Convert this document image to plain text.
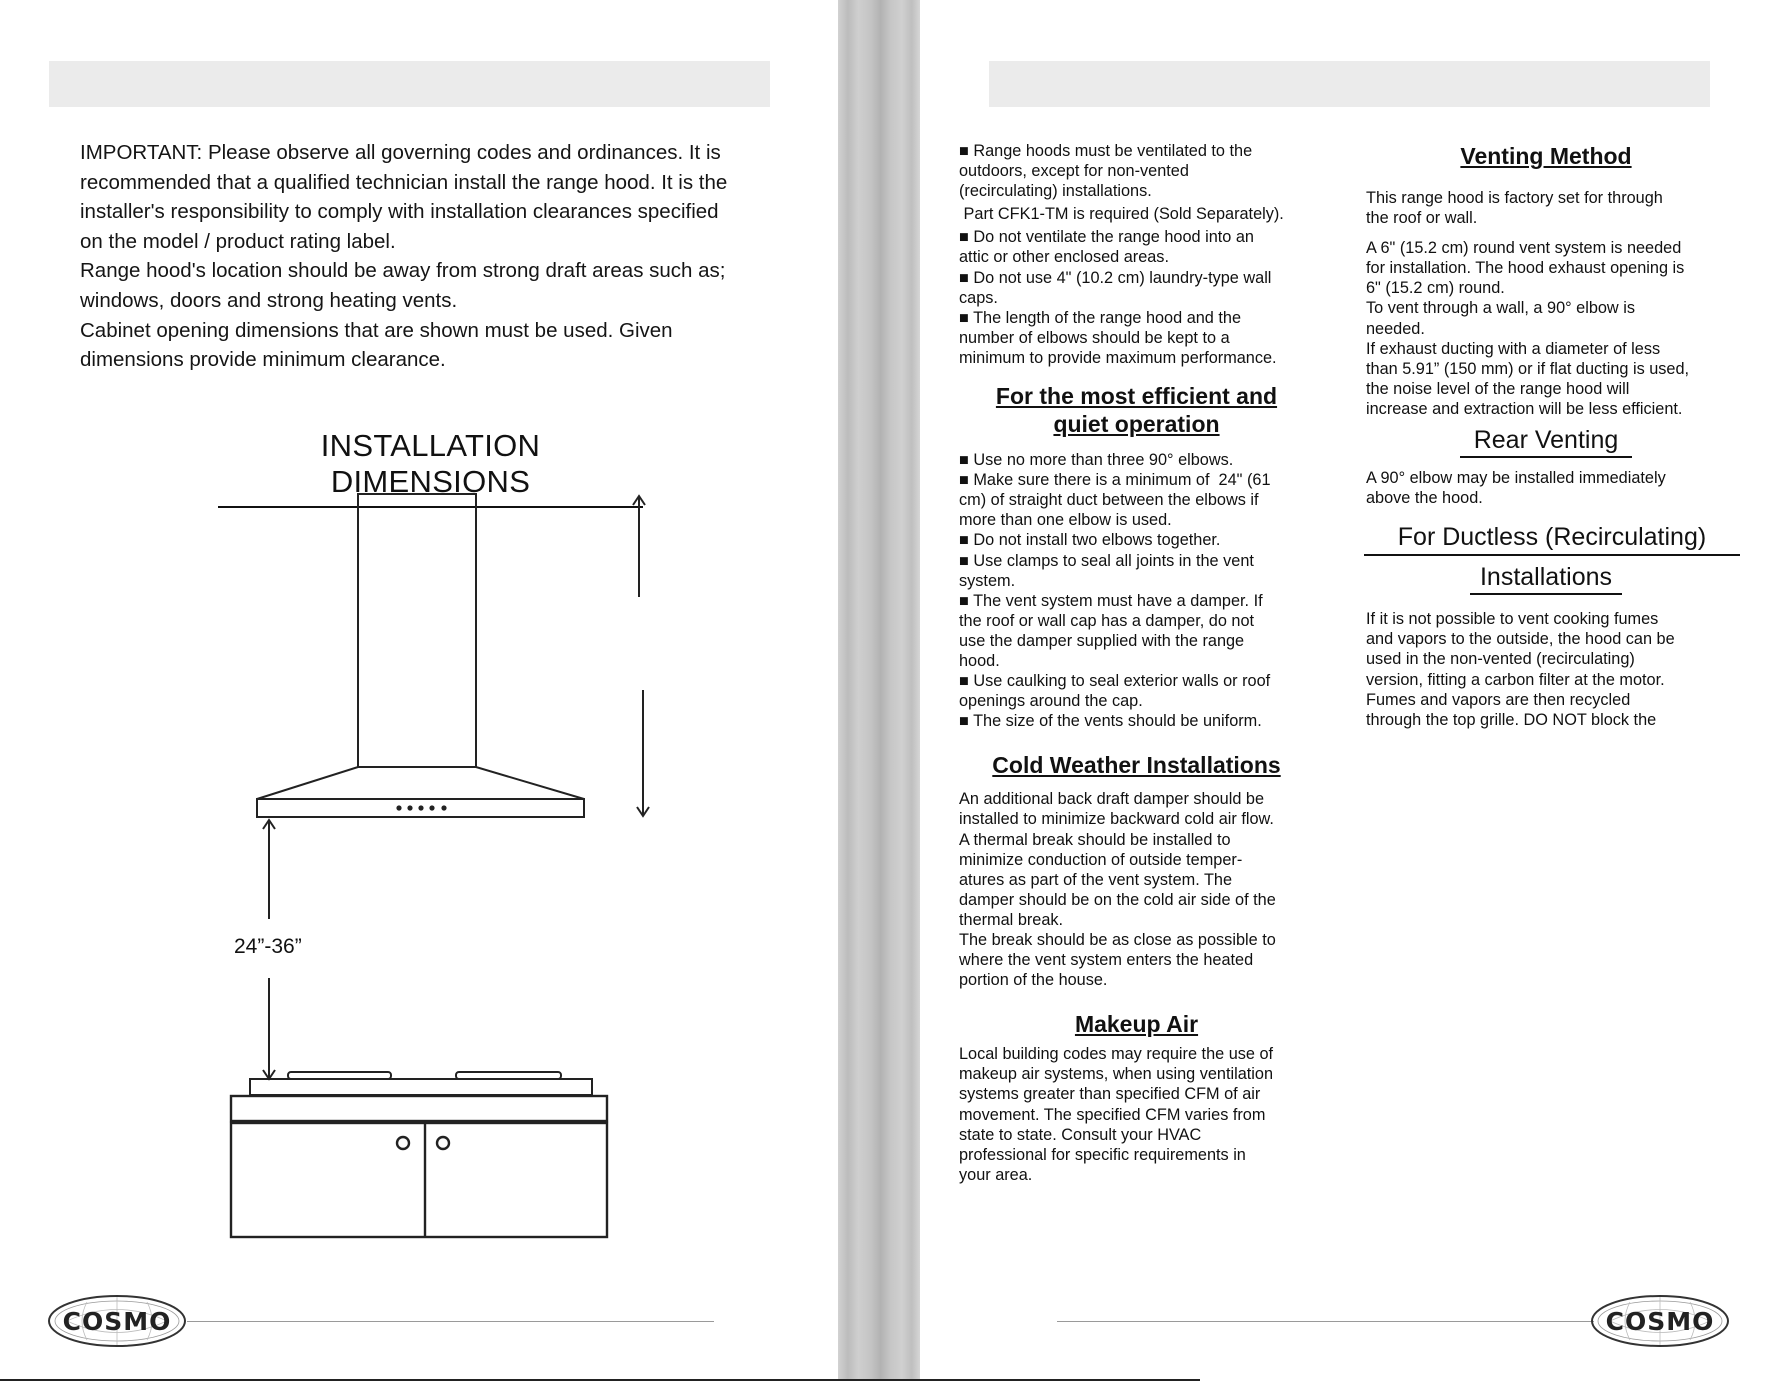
IMPORTANT: Please observe all governing codes and ordinances. It is

recommended that a qualified technician install the range hood. It is the

installer's responsibility to comply with installation clearances specified

on the model / product rating label.

Range hood's location should be away from strong draft areas such as;

windows, doors and strong heating vents.

Cabinet opening dimensions that are shown must be used. Given

dimensions provide minimum clearance.

INSTALLATION DIMENSIONS
24”-36”

■ Range hoods must be ventilated to the

outdoors, except for non-vented

(recirculating) installations.

Part CFK1-TM is required (Sold Separately).

■ Do not ventilate the range hood into an

attic or other enclosed areas.

■ Do not use 4" (10.2 cm) laundry-type wall

caps.

■ The length of the range hood and the

number of elbows should be kept to a

minimum to provide maximum performance.

For the most efficient and
quiet operation

■ Use no more than three 90° elbows.

■ Make sure there is a minimum of  24" (61

cm) of straight duct between the elbows if

more than one elbow is used.

■ Do not install two elbows together.

■ Use clamps to seal all joints in the vent

system.

■ The vent system must have a damper. If

the roof or wall cap has a damper, do not

use the damper supplied with the range

hood.

■ Use caulking to seal exterior walls or roof

openings around the cap.

■ The size of the vents should be uniform.

Cold Weather Installations

An additional back draft damper should be

installed to minimize backward cold air flow.

A thermal break should be installed to

minimize conduction of outside temper-

atures as part of the vent system. The

damper should be on the cold air side of the

thermal break.

The break should be as close as possible to

where the vent system enters the heated

portion of the house.

Makeup Air

Local building codes may require the use of

makeup air systems, when using ventilation

systems greater than specified CFM of air

movement. The specified CFM varies from

state to state. Consult your HVAC

professional for specific requirements in

your area.

Venting Method

This range hood is factory set for through

the roof or wall.

A 6" (15.2 cm) round vent system is needed

for installation. The hood exhaust opening is

6" (15.2 cm) round.

To vent through a wall, a 90° elbow is

needed.

If exhaust ducting with a diameter of less

than 5.91” (150 mm) or if flat ducting is used,

the noise level of the range hood will

increase and extraction will be less efficient.

Rear Venting

A 90° elbow may be installed immediately

above the hood.

For Ductless (Recirculating)
Installations

If it is not possible to vent cooking fumes

and vapors to the outside, the hood can be

used in the non-vented (recirculating)

version, fitting a carbon filter at the motor.

Fumes and vapors are then recycled

through the top grille. DO NOT block the

COSMO	COSMO
